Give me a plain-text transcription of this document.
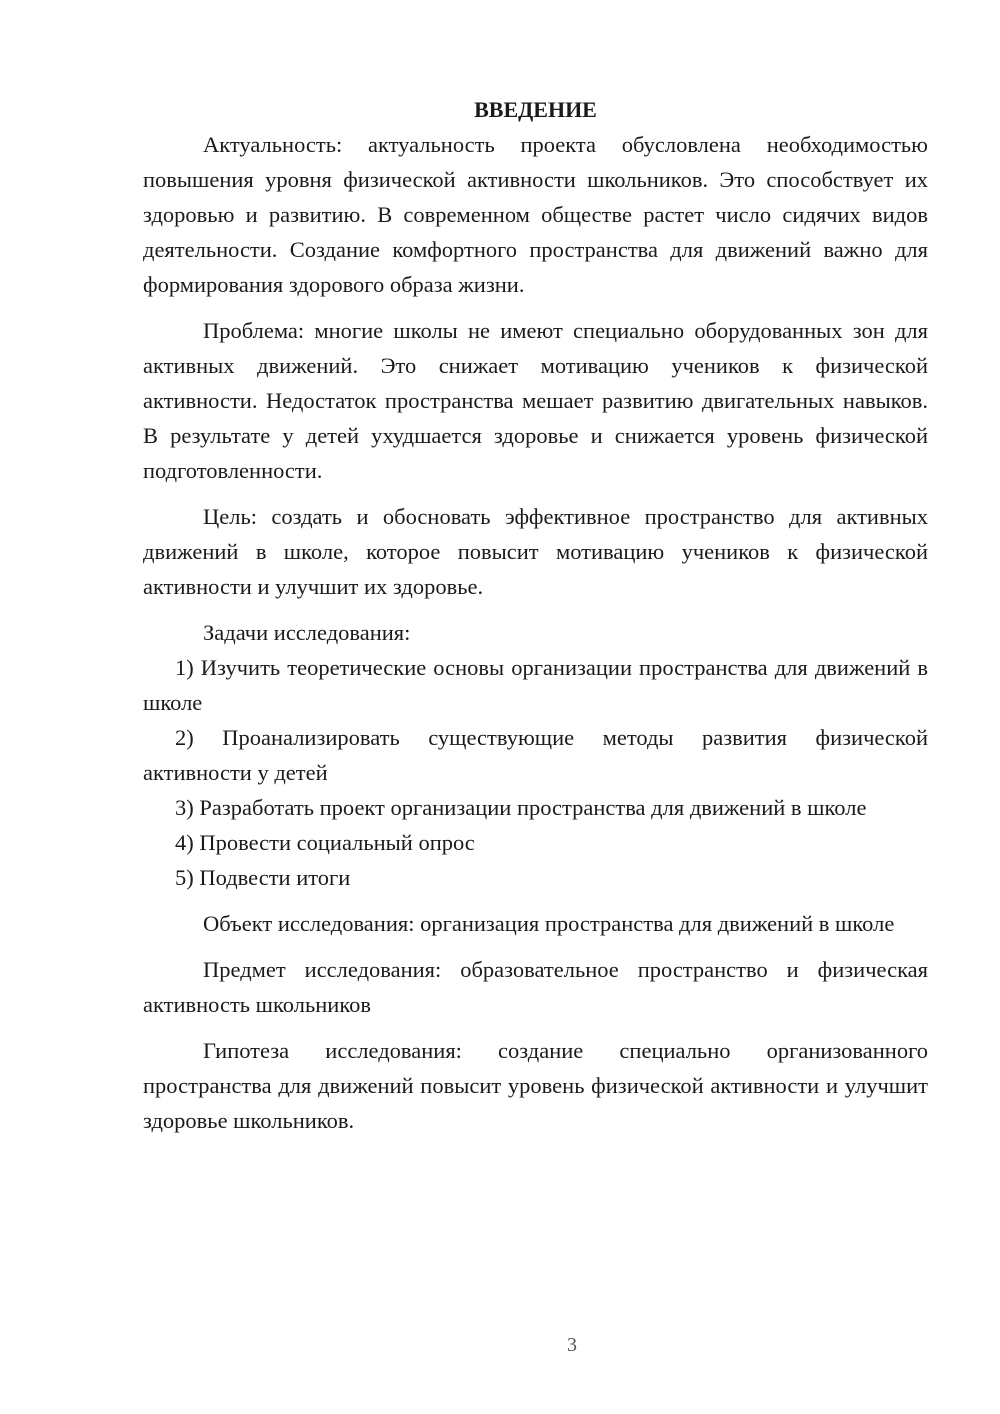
ВВЕДЕНИЕ

Актуальность: актуальность проекта обусловлена необходимостью повышения уровня физической активности школьников. Это способствует их здоровью и развитию. В современном обществе растет число сидячих видов деятельности. Создание комфортного пространства для движений важно для формирования здорового образа жизни.

Проблема: многие школы не имеют специально оборудованных зон для активных движений. Это снижает мотивацию учеников к физической активности. Недостаток пространства мешает развитию двигательных навыков. В результате у детей ухудшается здоровье и снижается уровень физической подготовленности.

Цель: создать и обосновать эффективное пространство для активных движений в школе, которое повысит мотивацию учеников к физической активности и улучшит их здоровье.

Задачи исследования:

1) Изучить теоретические основы организации пространства для движений в школе

2) Проанализировать существующие методы развития физической активности у детей

3) Разработать проект организации пространства для движений в школе

4) Провести социальный опрос

5) Подвести итоги

Объект исследования: организация пространства для движений в школе

Предмет исследования: образовательное пространство и физическая активность школьников

Гипотеза исследования: создание специально организованного пространства для движений повысит уровень физической активности и улучшит здоровье школьников.

3
